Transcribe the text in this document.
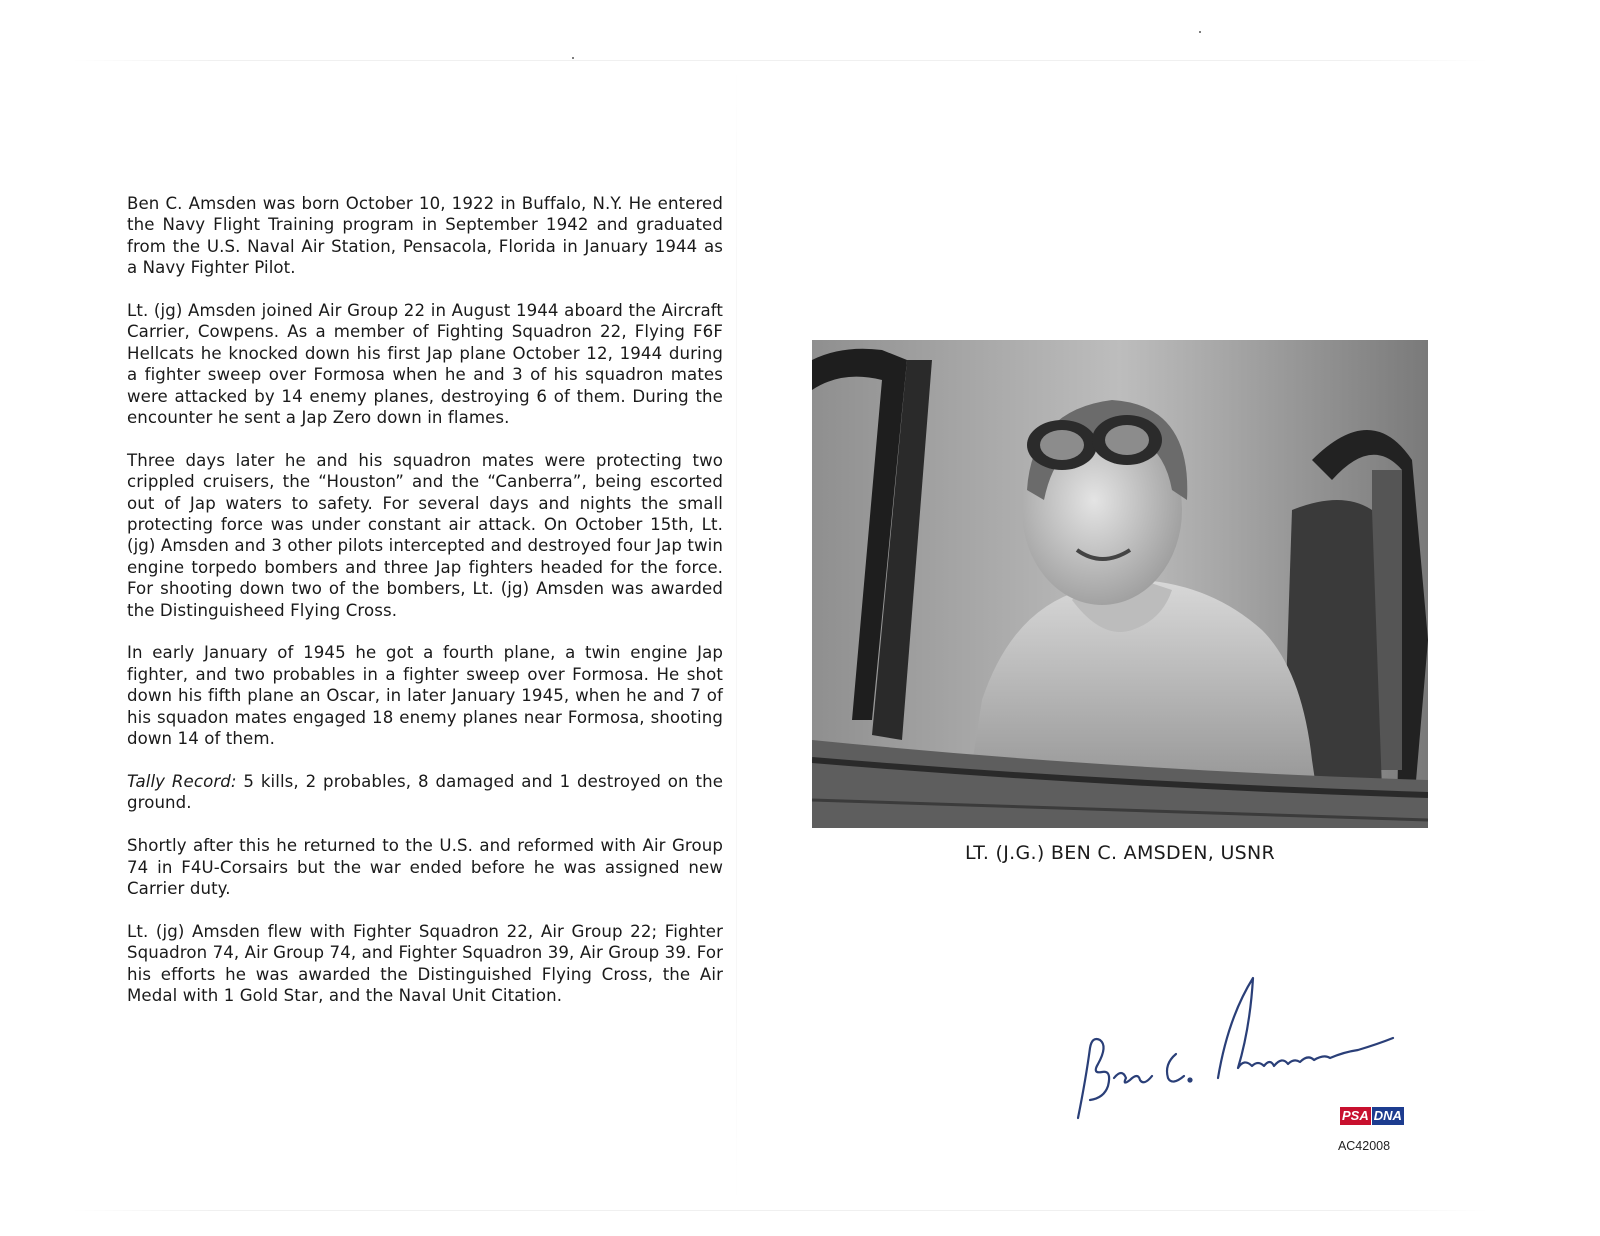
Ben C. Amsden was born October 10, 1922 in Buffalo, N.Y. He entered the Navy Flight Training program in September 1942 and graduated from the U.S. Naval Air Station, Pensacola, Florida in January 1944 as a Navy Fighter Pilot.

Lt. (jg) Amsden joined Air Group 22 in August 1944 aboard the Aircraft Carrier, Cowpens. As a member of Fighting Squadron 22, Flying F6F Hellcats he knocked down his first Jap plane October 12, 1944 during a fighter sweep over Formosa when he and 3 of his squadron mates were attacked by 14 enemy planes, destroying 6 of them. During the encounter he sent a Jap Zero down in flames.

Three days later he and his squadron mates were protecting two crippled cruisers, the “Houston” and the “Canberra”, being escorted out of Jap waters to safety. For several days and nights the small protecting force was under constant air attack. On October 15th, Lt. (jg) Amsden and 3 other pilots intercepted and destroyed four Jap twin engine torpedo bombers and three Jap fighters headed for the force. For shooting down two of the bombers, Lt. (jg) Amsden was awarded the Distinguisheed Flying Cross.

In early January of 1945 he got a fourth plane, a twin engine Jap fighter, and two probables in a fighter sweep over Formosa. He shot down his fifth plane an Oscar, in later January 1945, when he and 7 of his squadon mates engaged 18 enemy planes near Formosa, shooting down 14 of them.

Tally Record: 5 kills, 2 probables, 8 damaged and 1 destroyed on the ground.

Shortly after this he returned to the U.S. and reformed with Air Group 74 in F4U-Corsairs but the war ended before he was assigned new Carrier duty.

Lt. (jg) Amsden flew with Fighter Squadron 22, Air Group 22; Fighter Squadron 74, Air Group 74, and Fighter Squadron 39, Air Group 39. For his efforts he was awarded the Distinguished Flying Cross, the Air Medal with 1 Gold Star, and the Naval Unit Citation.

LT. (J.G.) BEN C. AMSDEN, USNR
PSA DNA
AC42008
